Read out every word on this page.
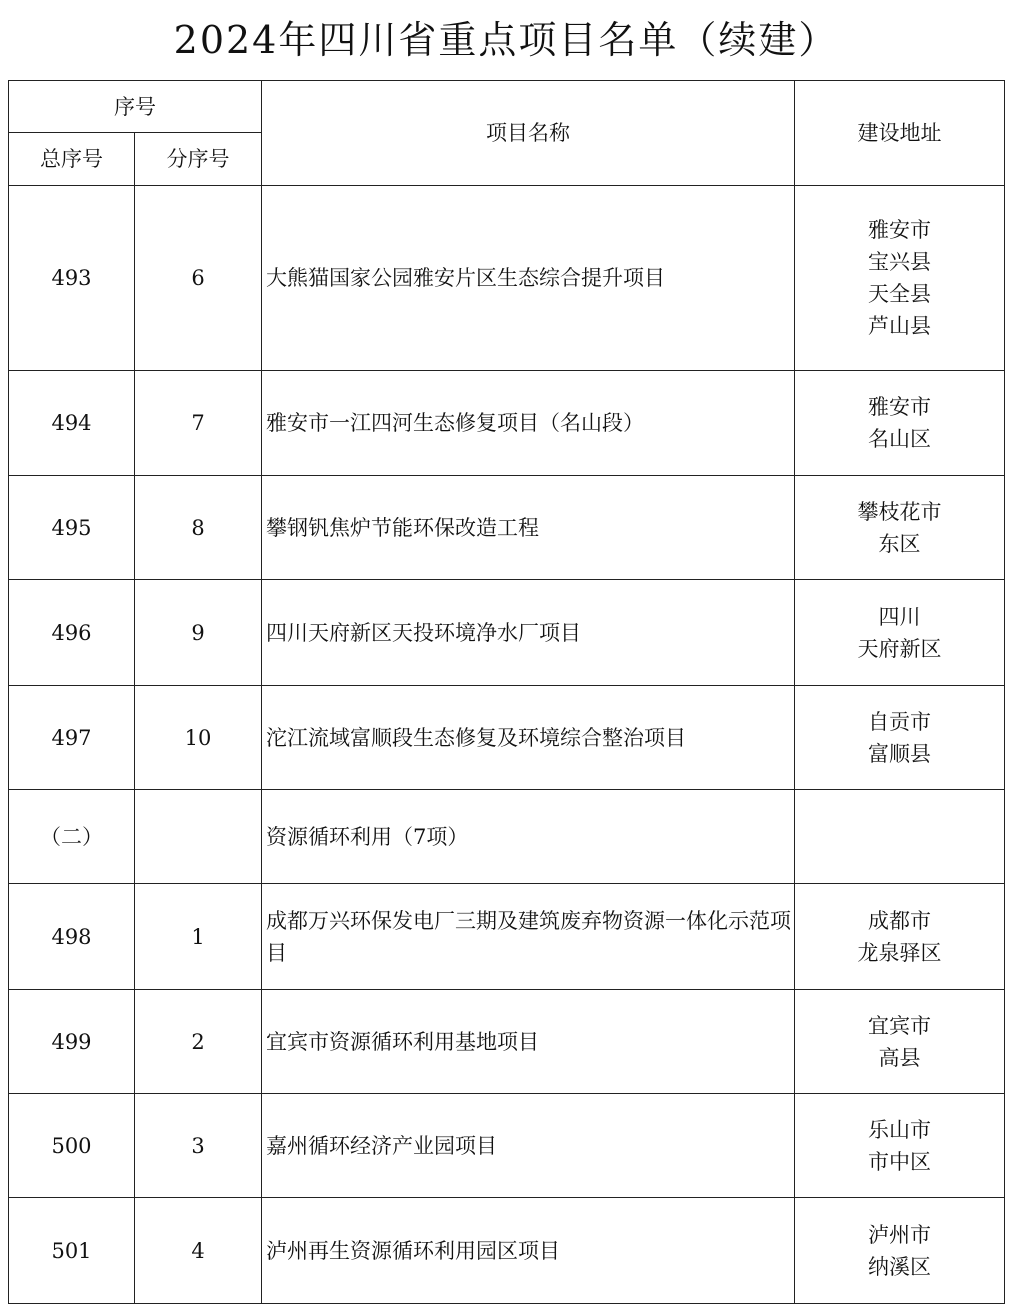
2024年四川省重点项目名单（续建）
序号		项目名称	建设地址
总序号	分序号		
493	6	大熊猫国家公园雅安片区生态综合提升项目	雅安市
宝兴县
天全县
芦山县

494	7	雅安市一江四河生态修复项目（名山段）	雅安市
名山区

495	8	攀钢钒焦炉节能环保改造工程	攀枝花市
东区

496	9	四川天府新区天投环境净水厂项目	四川
天府新区

497	10	沱江流域富顺段生态修复及环境综合整治项目	自贡市
富顺县

（二）		资源循环利用（7项）	
498	1	成都万兴环保发电厂三期及建筑废弃物资源一体化示范项目	成都市
龙泉驿区

499	2	宜宾市资源循环利用基地项目	宜宾市
高县

500	3	嘉州循环经济产业园项目	乐山市
市中区

501	4	泸州再生资源循环利用园区项目	泸州市
纳溪区
